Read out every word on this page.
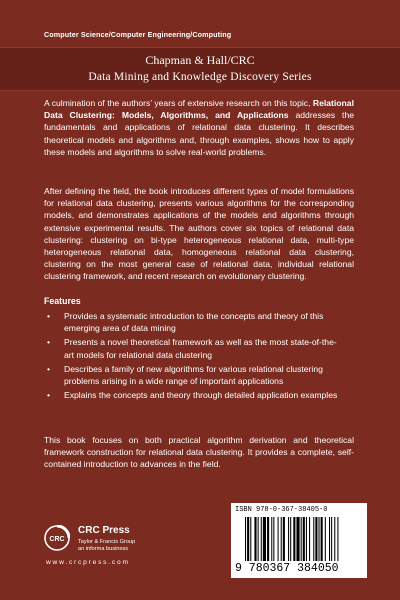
Computer Science/Computer Engineering/Computing
Chapman & Hall/CRC
Data Mining and Knowledge Discovery Series
A culmination of the authors’ years of extensive research on this topic, Relational Data Clustering: Models, Algorithms, and Applications addresses the fundamentals and applications of relational data clustering. It describes theoretical models and algorithms and, through examples, shows how to apply these models and algorithms to solve real-world problems.
After defining the field, the book introduces different types of model formulations for relational data clustering, presents various algorithms for the corresponding models, and demonstrates applications of the models and algorithms through extensive experimental results. The authors cover six topics of relational data clustering: clustering on bi-type heterogeneous relational data, multi-type heterogeneous relational data, homogeneous relational data clustering, clustering on the most general case of relational data, individual relational clustering framework, and recent research on evolutionary clustering.
Features
• Provides a systematic introduction to the concepts and theory of this emerging area of data mining
• Presents a novel theoretical framework as well as the most state-of-the-art models for relational data clustering
• Describes a family of new algorithms for various relational clustering problems arising in a wide range of important applications
• Explains the concepts and theory through detailed application examples
This book focuses on both practical algorithm derivation and theoretical framework construction for relational data clustering. It provides a complete, self-contained introduction to advances in the field.
CRC
CRC Press
Taylor & Francis Group
an informa business
www.crcpress.com
ISBN 978-0-367-38405-0
9 780367 384050
